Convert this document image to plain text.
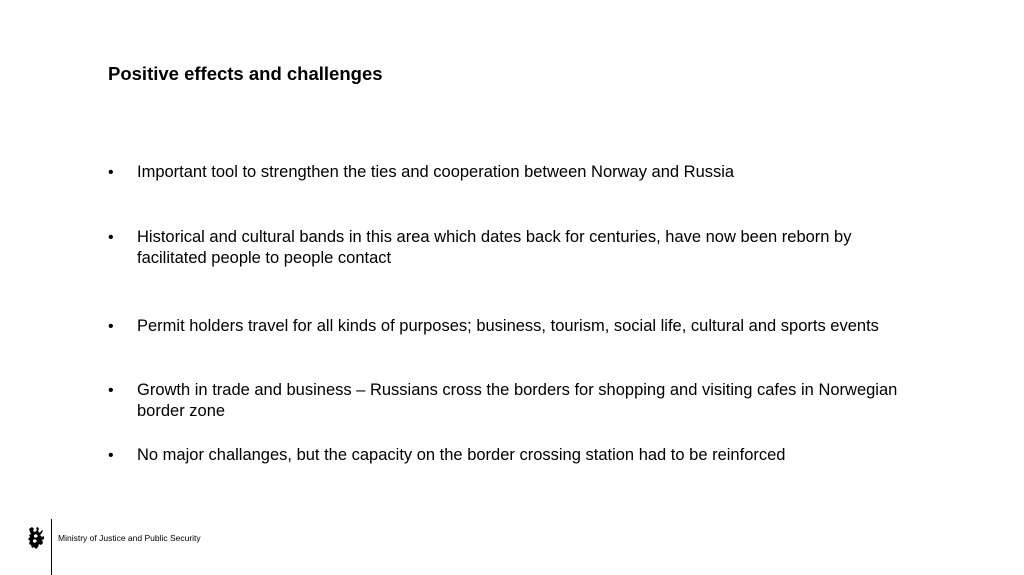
Positive effects and challenges
•	Important tool to strengthen the ties and cooperation between Norway and Russia
•	Historical and cultural bands in this area which dates back for centuries, have now been reborn by facilitated people to people contact
•	Permit holders travel for all kinds of purposes; business, tourism, social life, cultural and sports events
•	Growth in trade and business – Russians cross the borders for shopping and visiting cafes in Norwegian border zone
•	No major challanges, but the capacity on the border crossing station had to be reinforced
Ministry of Justice and Public Security
